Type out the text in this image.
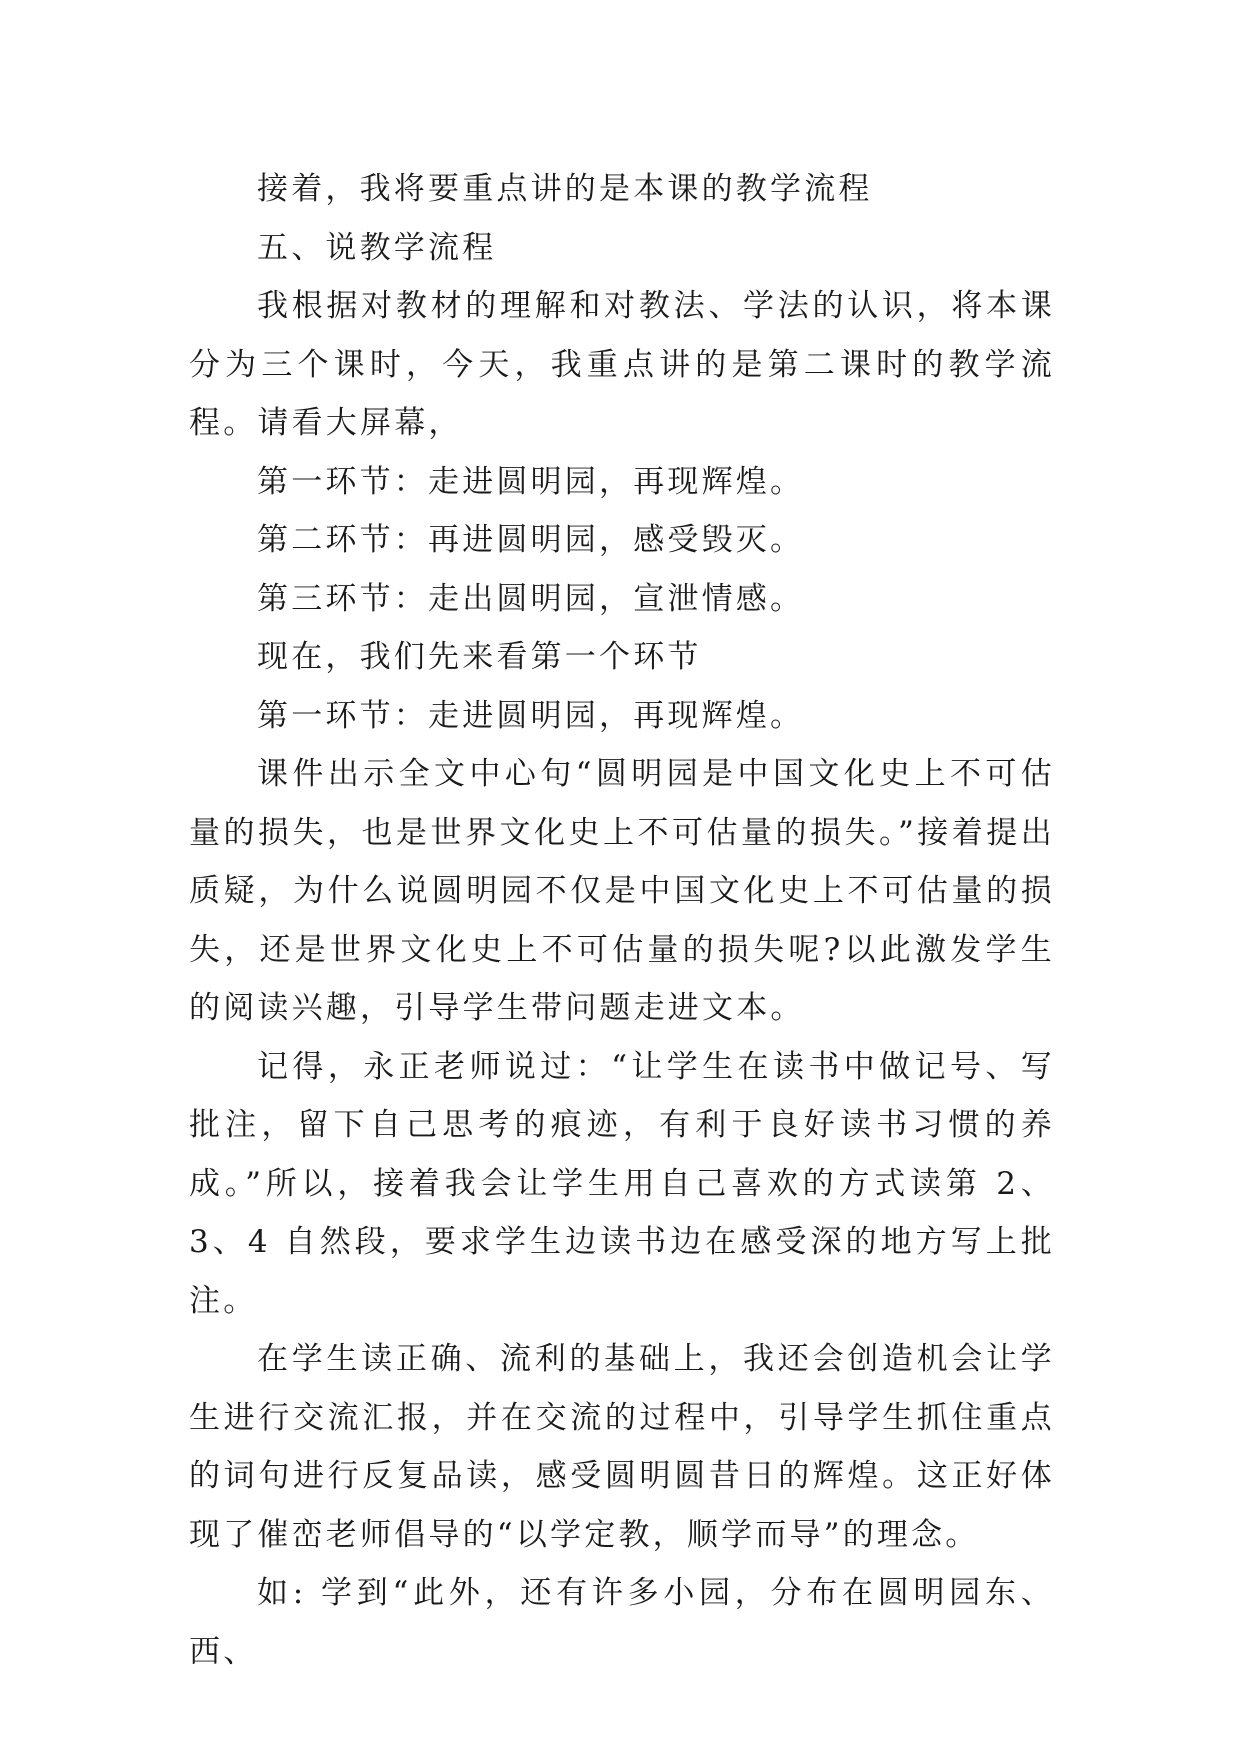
接着，我将要重点讲的是本课的教学流程

五、说教学流程

我根据对教材的理解和对教法、学法的认识，将本课分为三个课时，今天，我重点讲的是第二课时的教学流程。请看大屏幕，

第一环节：走进圆明园，再现辉煌。

第二环节：再进圆明园，感受毁灭。

第三环节：走出圆明园，宣泄情感。

现在，我们先来看第一个环节

第一环节：走进圆明园，再现辉煌。

课件出示全文中心句“圆明园是中国文化史上不可估量的损失，也是世界文化史上不可估量的损失。”接着提出质疑，为什么说圆明园不仅是中国文化史上不可估量的损失，还是世界文化史上不可估量的损失呢?以此激发学生的阅读兴趣，引导学生带问题走进文本。

记得，永正老师说过：“让学生在读书中做记号、写批注，留下自己思考的痕迹，有利于良好读书习惯的养成。”所以，接着我会让学生用自己喜欢的方式读第 2、3、4 自然段，要求学生边读书边在感受深的地方写上批注。

在学生读正确、流利的基础上，我还会创造机会让学生进行交流汇报，并在交流的过程中，引导学生抓住重点的词句进行反复品读，感受圆明圆昔日的辉煌。这正好体现了催峦老师倡导的“以学定教，顺学而导”的理念。

如: 学到“此外，还有许多小园，分布在圆明园东、西、
